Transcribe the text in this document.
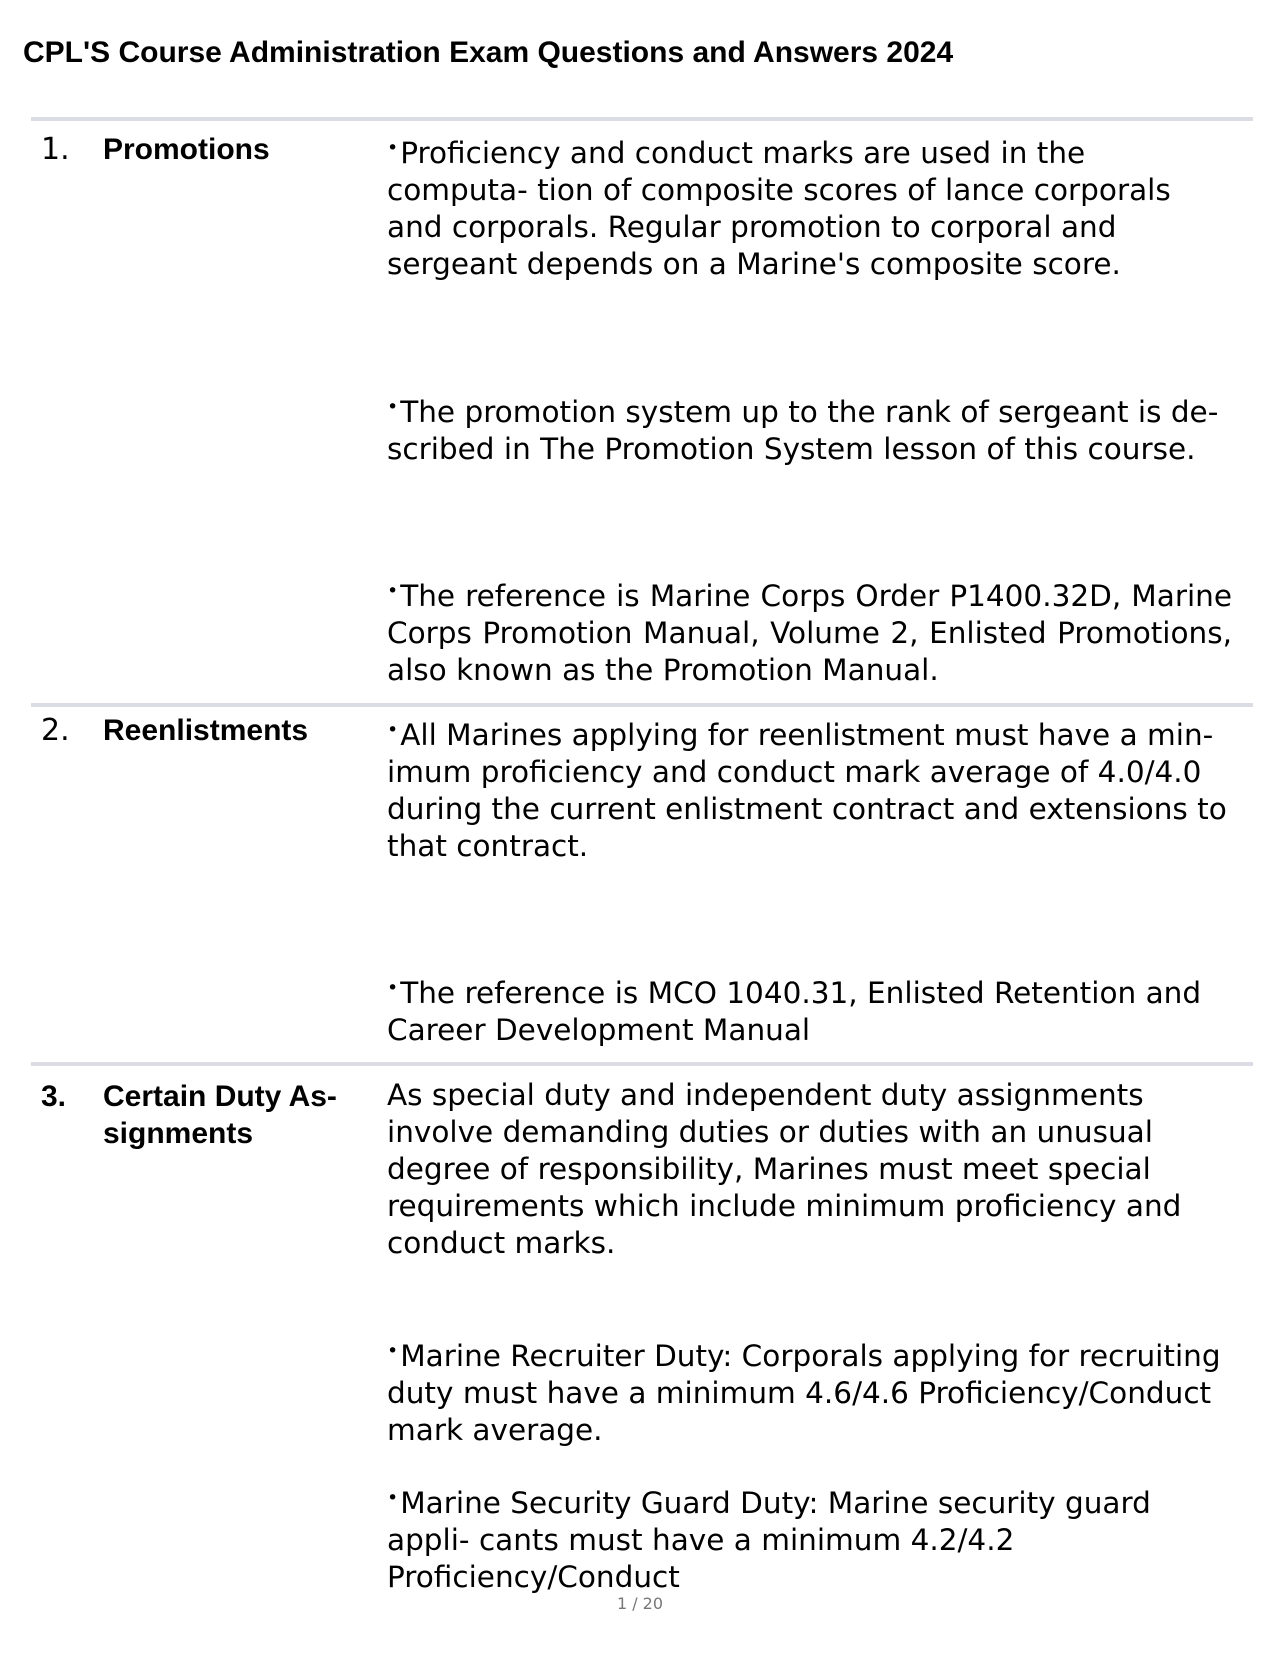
CPL'S Course Administration Exam Questions and Answers 2024
1. Promotions	•Proficiency and conduct marks are used in the computa- tion of composite scores of lance corporals and corporals. Regular promotion to corporal and sergeant depends on a Marine's composite score.

•The promotion system up to the rank of sergeant is de- scribed in The Promotion System lesson of this course.

•The reference is Marine Corps Order P1400.32D, Marine Corps Promotion Manual, Volume 2, Enlisted Promotions, also known as the Promotion Manual.

2. Reenlistments	•All Marines applying for reenlistment must have a min- imum proficiency and conduct mark average of 4.0/4.0 during the current enlistment contract and extensions to that contract.

•The reference is MCO 1040.31, Enlisted Retention and Career Development Manual

3. Certain Duty As- signments

As special duty and independent duty assignments involve demanding duties or duties with an unusual degree of responsibility, Marines must meet special requirements which include minimum proficiency and conduct marks.

•Marine Recruiter Duty: Corporals applying for recruiting duty must have a minimum 4.6/4.6 Proficiency/Conduct mark average.

•Marine Security Guard Duty: Marine security guard appli- cants must have a minimum 4.2/4.2 Proficiency/Conduct

1 / 20
